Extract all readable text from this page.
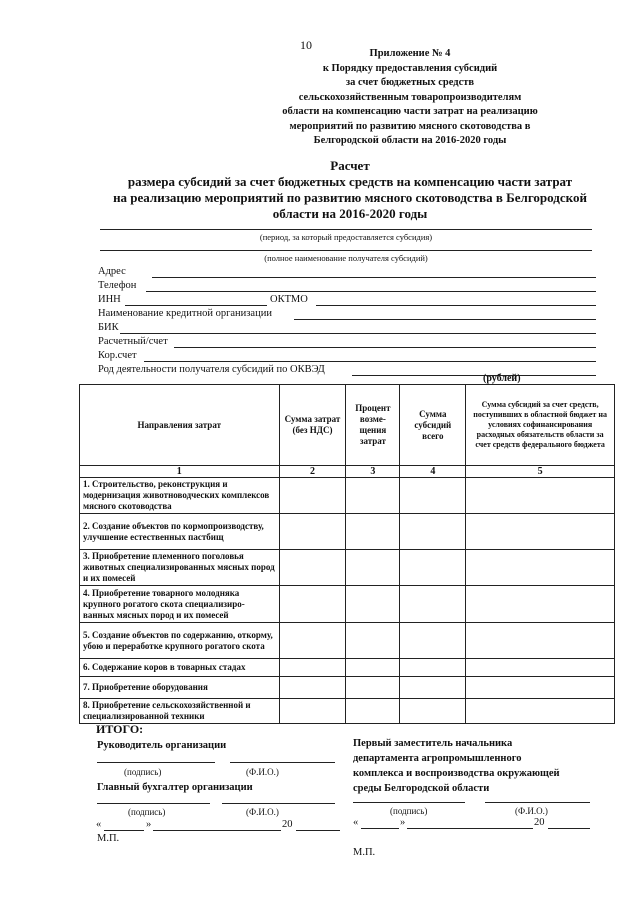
10
Приложение № 4
к Порядку предоставления субсидий
за счет бюджетных средств
сельскохозяйственным товаропроизводителям
области на компенсацию части затрат на реализацию
мероприятий по развитию мясного скотоводства в
Белгородской области на 2016-2020 годы
Расчет
размера субсидий за счет бюджетных средств на компенсацию части затрат
на реализацию мероприятий по развитию мясного скотоводства в Белгородской
области на 2016-2020 годы
(период, за который предоставляется субсидия)
(полное наименование получателя субсидий)
Адрес
Телефон
ИНН	ОКТМО
Наименование кредитной организации
БИК
Расчетный/счет
Кор.счет
Род деятельности получателя субсидий по ОКВЭД
(рублей)
Направления затрат	Сумма затрат (без НДС)	Процент возме-щения затрат	Сумма субсидий всего	Сумма субсидий за счет средств, поступивших в областной бюджет на условиях софинансирования расходных обязательств области за счет средств федерального бюджета
1	2	3	4	5
1. Строительство, реконструкция и модернизация животноводческих комплексов мясного скотоводства				
2. Создание объектов по кормопроизводству, улучшение естественных пастбищ				
3. Приобретение племенного поголовья животных специализированных мясных пород и их помесей				
4. Приобретение товарного молодняка крупного рогатого скота специализиро-ванных мясных пород и их помесей				
5. Создание объектов по содержанию, откорму, убою и переработке крупного рогатого скота				
6. Содержание коров в товарных стадах				
7. Приобретение оборудования				
8. Приобретение сельскохозяйственной и специализированной техники				
ИТОГО:
Руководитель организации
(подпись)	(Ф.И.О.)
Главный бухгалтер организации
(подпись)	(Ф.И.О.)
«	»	20
М.П.
Первый заместитель начальника
департамента агропромышленного
комплекса и воспроизводства окружающей
среды Белгородской области
(подпись)	(Ф.И.О.)
«	»	20
М.П.
